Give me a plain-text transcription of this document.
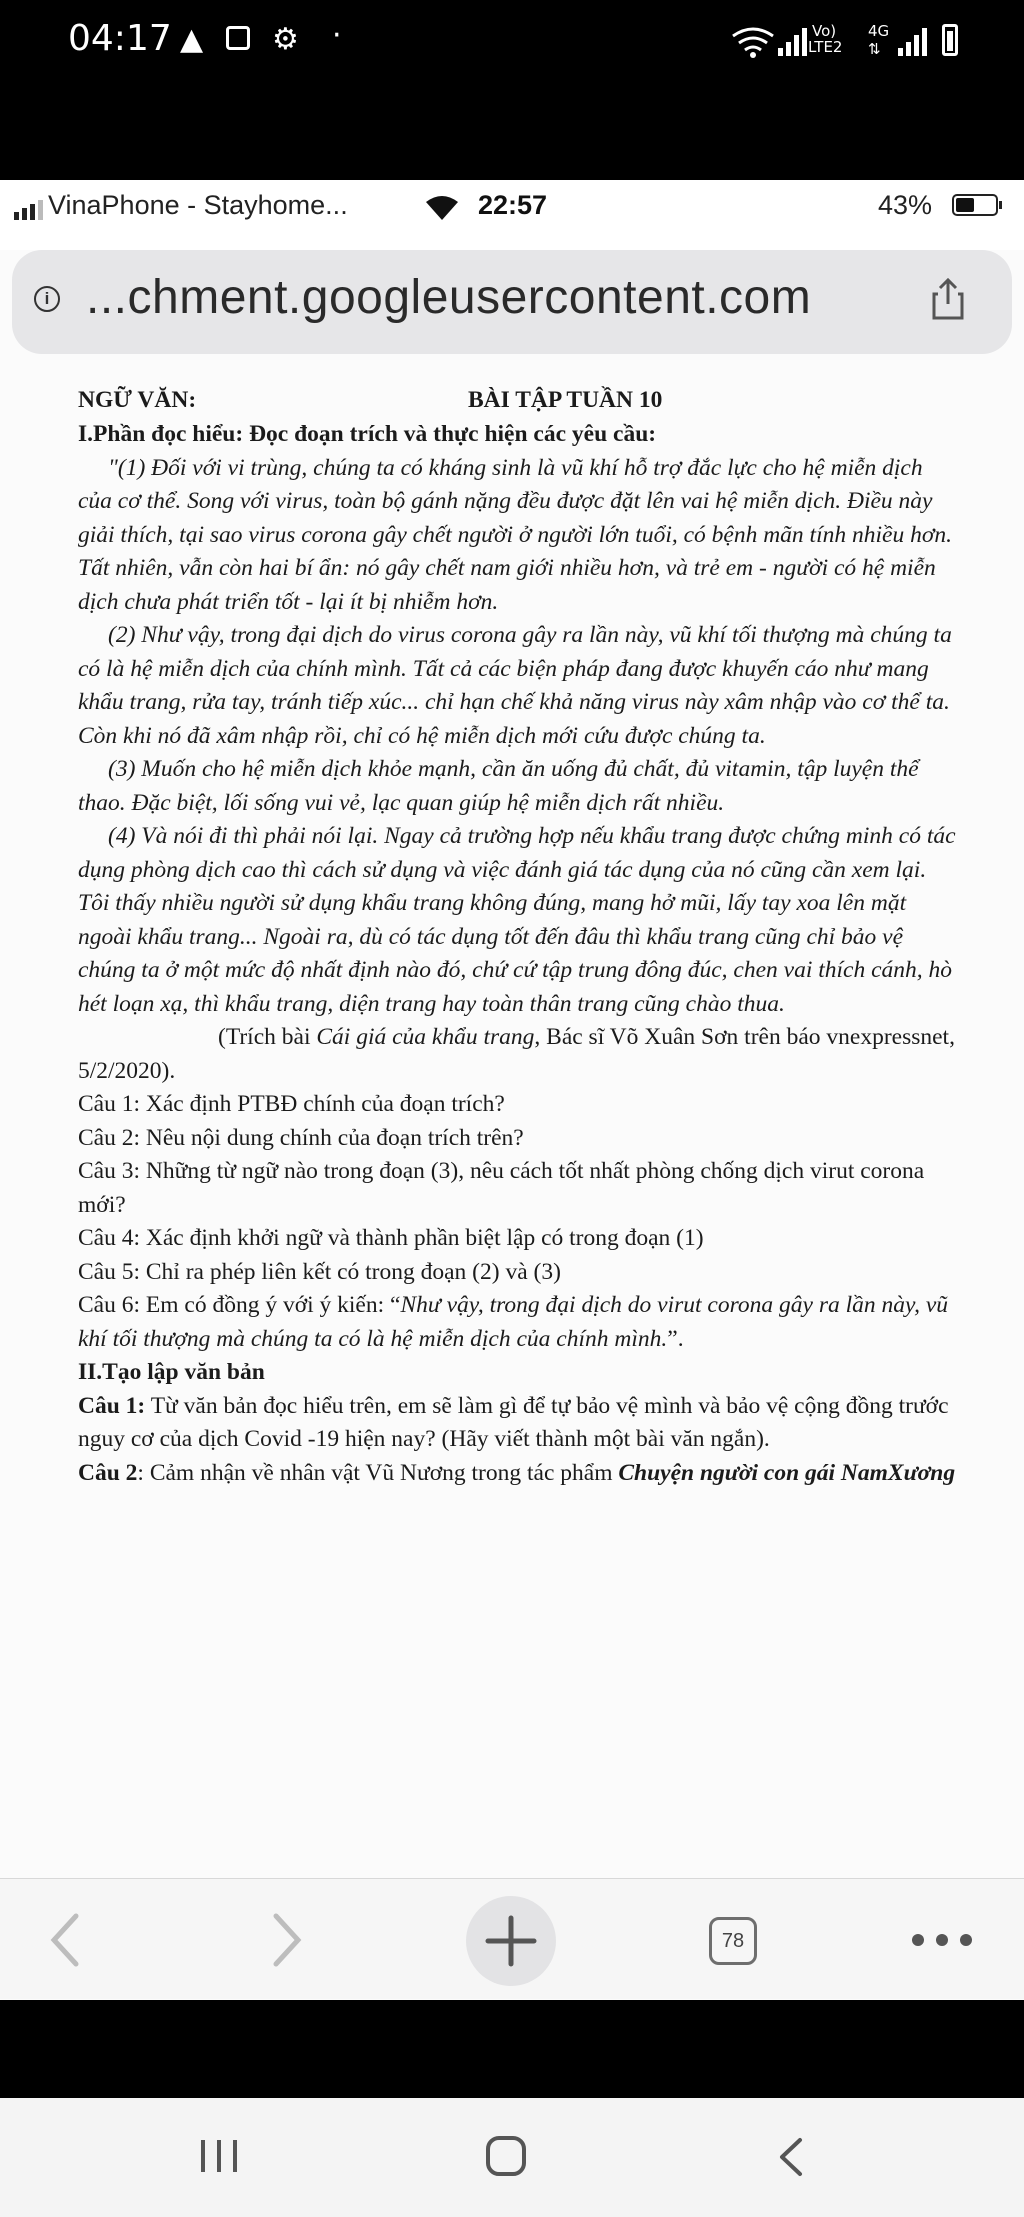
04:17 ▲ ⚙ ·	Vo)
LTE2
4G
⇅
VinaPhone - Stayhome...	22:57	43%
i ...chment.googleusercontent.com
NGỮ VĂN:	BÀI TẬP TUẦN 10

I.Phần đọc hiểu: Đọc đoạn trích và thực hiện các yêu cầu:

"(1) Đối với vi trùng, chúng ta có kháng sinh là vũ khí hỗ trợ đắc lực cho hệ miễn dịch của cơ thể. Song với virus, toàn bộ gánh nặng đều được đặt lên vai hệ miễn dịch. Điều này giải thích, tại sao virus corona gây chết người ở người lớn tuổi, có bệnh mãn tính nhiều hơn. Tất nhiên, vẫn còn hai bí ẩn: nó gây chết nam giới nhiều hơn, và trẻ em - người có hệ miễn dịch chưa phát triển tốt - lại ít bị nhiễm hơn.

(2) Như vậy, trong đại dịch do virus corona gây ra lần này, vũ khí tối thượng mà chúng ta có là hệ miễn dịch của chính mình. Tất cả các biện pháp đang được khuyến cáo như mang khẩu trang, rửa tay, tránh tiếp xúc... chỉ hạn chế khả năng virus này xâm nhập vào cơ thể ta. Còn khi nó đã xâm nhập rồi, chỉ có hệ miễn dịch mới cứu được chúng ta.

(3) Muốn cho hệ miễn dịch khỏe mạnh, cần ăn uống đủ chất, đủ vitamin, tập luyện thể thao. Đặc biệt, lối sống vui vẻ, lạc quan giúp hệ miễn dịch rất nhiều.

(4) Và nói đi thì phải nói lại. Ngay cả trường hợp nếu khẩu trang được chứng minh có tác dụng phòng dịch cao thì cách sử dụng và việc đánh giá tác dụng của nó cũng cần xem lại. Tôi thấy nhiều người sử dụng khẩu trang không đúng, mang hở mũi, lấy tay xoa lên mặt ngoài khẩu trang... Ngoài ra, dù có tác dụng tốt đến đâu thì khẩu trang cũng chỉ bảo vệ chúng ta ở một mức độ nhất định nào đó, chứ cứ tập trung đông đúc, chen vai thích cánh, hò hét loạn xạ, thì khẩu trang, diện trang hay toàn thân trang cũng chào thua.

(Trích bài Cái giá của khẩu trang, Bác sĩ Võ Xuân Sơn trên báo vnexpressnet, 5/2/2020).

Câu 1: Xác định PTBĐ chính của đoạn trích?

Câu 2: Nêu nội dung chính của đoạn trích trên?

Câu 3: Những từ ngữ nào trong đoạn (3), nêu cách tốt nhất phòng chống dịch virut corona mới?

Câu 4: Xác định khởi ngữ và thành phần biệt lập có trong đoạn (1)

Câu 5: Chỉ ra phép liên kết có trong đoạn (2) và (3)

Câu 6: Em có đồng ý với ý kiến: “Như vậy, trong đại dịch do virut corona gây ra lần này, vũ khí tối thượng mà chúng ta có là hệ miễn dịch của chính mình.”.

II.Tạo lập văn bản

Câu 1: Từ văn bản đọc hiểu trên, em sẽ làm gì để tự bảo vệ mình và bảo vệ cộng đồng trước nguy cơ của dịch Covid -19 hiện nay? (Hãy viết thành một bài văn ngắn).

Câu 2: Cảm nhận về nhân vật Vũ Nương trong tác phẩm Chuyện người con gái NamXương

78
